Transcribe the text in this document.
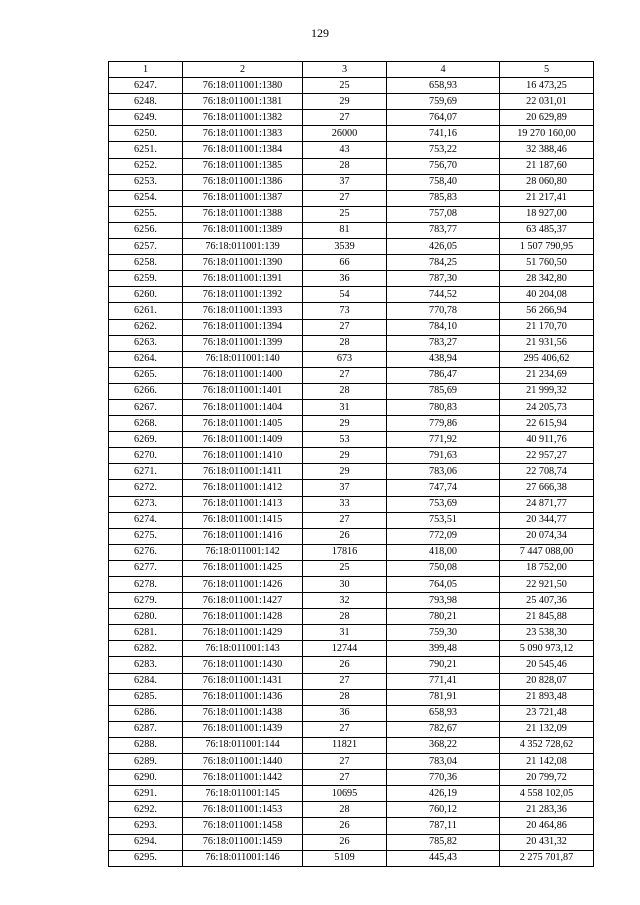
129
1	2	3	4	5
6247.	76:18:011001:1380	25	658,93	16 473,25
6248.	76:18:011001:1381	29	759,69	22 031,01
6249.	76:18:011001:1382	27	764,07	20 629,89
6250.	76:18:011001:1383	26000	741,16	19 270 160,00
6251.	76:18:011001:1384	43	753,22	32 388,46
6252.	76:18:011001:1385	28	756,70	21 187,60
6253.	76:18:011001:1386	37	758,40	28 060,80
6254.	76:18:011001:1387	27	785,83	21 217,41
6255.	76:18:011001:1388	25	757,08	18 927,00
6256.	76:18:011001:1389	81	783,77	63 485,37
6257.	76:18:011001:139	3539	426,05	1 507 790,95
6258.	76:18:011001:1390	66	784,25	51 760,50
6259.	76:18:011001:1391	36	787,30	28 342,80
6260.	76:18:011001:1392	54	744,52	40 204,08
6261.	76:18:011001:1393	73	770,78	56 266,94
6262.	76:18:011001:1394	27	784,10	21 170,70
6263.	76:18:011001:1399	28	783,27	21 931,56
6264.	76:18:011001:140	673	438,94	295 406,62
6265.	76:18:011001:1400	27	786,47	21 234,69
6266.	76:18:011001:1401	28	785,69	21 999,32
6267.	76:18:011001:1404	31	780,83	24 205,73
6268.	76:18:011001:1405	29	779,86	22 615,94
6269.	76:18:011001:1409	53	771,92	40 911,76
6270.	76:18:011001:1410	29	791,63	22 957,27
6271.	76:18:011001:1411	29	783,06	22 708,74
6272.	76:18:011001:1412	37	747,74	27 666,38
6273.	76:18:011001:1413	33	753,69	24 871,77
6274.	76:18:011001:1415	27	753,51	20 344,77
6275.	76:18:011001:1416	26	772,09	20 074,34
6276.	76:18:011001:142	17816	418,00	7 447 088,00
6277.	76:18:011001:1425	25	750,08	18 752,00
6278.	76:18:011001:1426	30	764,05	22 921,50
6279.	76:18:011001:1427	32	793,98	25 407,36
6280.	76:18:011001:1428	28	780,21	21 845,88
6281.	76:18:011001:1429	31	759,30	23 538,30
6282.	76:18:011001:143	12744	399,48	5 090 973,12
6283.	76:18:011001:1430	26	790,21	20 545,46
6284.	76:18:011001:1431	27	771,41	20 828,07
6285.	76:18:011001:1436	28	781,91	21 893,48
6286.	76:18:011001:1438	36	658,93	23 721,48
6287.	76:18:011001:1439	27	782,67	21 132,09
6288.	76:18:011001:144	11821	368,22	4 352 728,62
6289.	76:18:011001:1440	27	783,04	21 142,08
6290.	76:18:011001:1442	27	770,36	20 799,72
6291.	76:18:011001:145	10695	426,19	4 558 102,05
6292.	76:18:011001:1453	28	760,12	21 283,36
6293.	76:18:011001:1458	26	787,11	20 464,86
6294.	76:18:011001:1459	26	785,82	20 431,32
6295.	76:18:011001:146	5109	445,43	2 275 701,87
